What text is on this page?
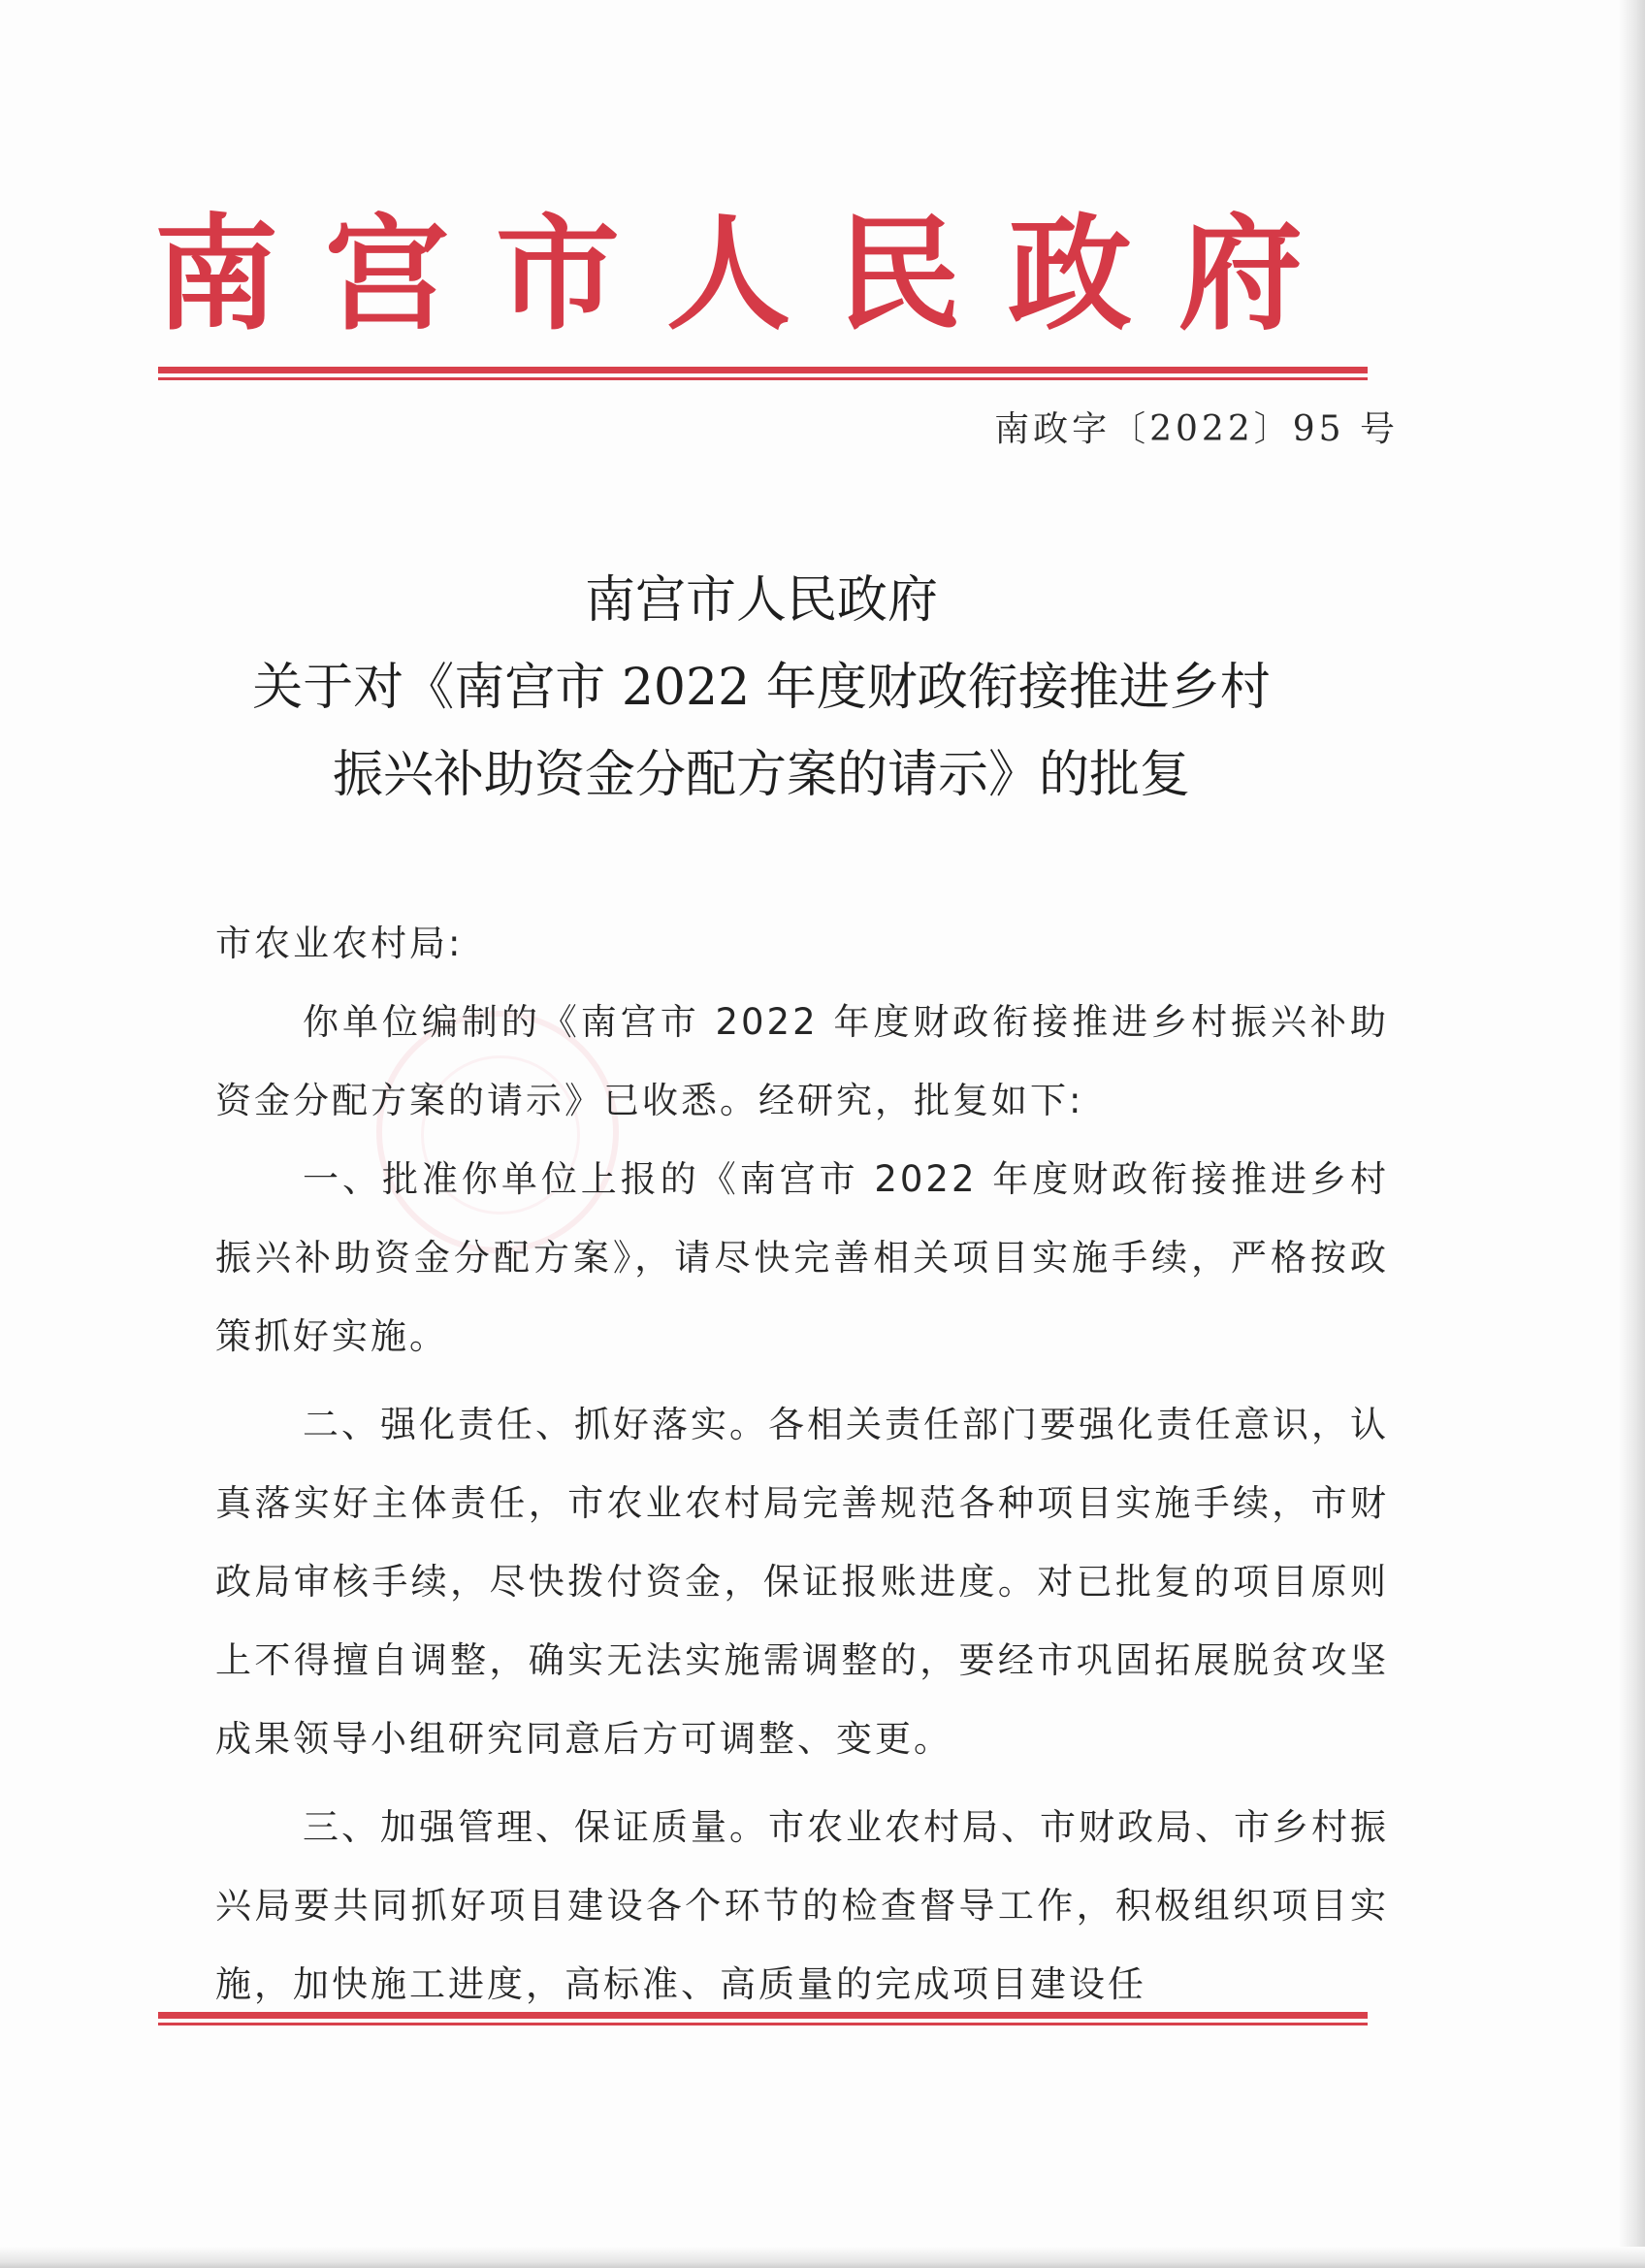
南宫市人民政府
南政字〔2022〕95 号
南宫市人民政府
关于对《南宫市 2022 年度财政衔接推进乡村
振兴补助资金分配方案的请示》的批复

市农业农村局:

你单位编制的《南宫市 2022 年度财政衔接推进乡村振兴补助资金分配方案的请示》已收悉。经研究，批复如下:

一、批准你单位上报的《南宫市 2022 年度财政衔接推进乡村振兴补助资金分配方案》，请尽快完善相关项目实施手续，严格按政策抓好实施。

二、强化责任、抓好落实。各相关责任部门要强化责任意识，认真落实好主体责任，市农业农村局完善规范各种项目实施手续，市财政局审核手续，尽快拨付资金，保证报账进度。对已批复的项目原则上不得擅自调整，确实无法实施需调整的，要经市巩固拓展脱贫攻坚成果领导小组研究同意后方可调整、变更。

三、加强管理、保证质量。市农业农村局、市财政局、市乡村振兴局要共同抓好项目建设各个环节的检查督导工作，积极组织项目实施，加快施工进度，高标准、高质量的完成项目建设任
